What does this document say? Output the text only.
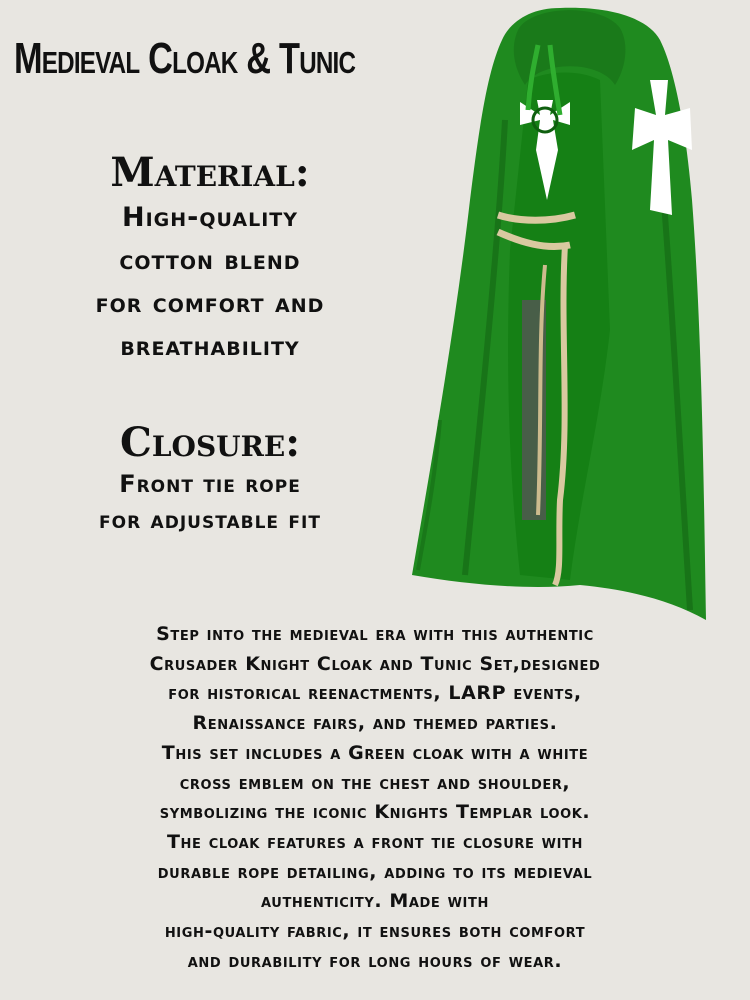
Medieval Cloak & Tunic
Material:
High-quality
cotton blend
for comfort and
breathability
Closure:
Front tie rope
for adjustable fit
Step into the medieval era with this authentic
Crusader Knight Cloak and Tunic Set,designed
for historical reenactments, LARP events,
Renaissance fairs, and themed parties.
This set includes a Green cloak with a white
cross emblem on the chest and shoulder,
symbolizing the iconic Knights Templar look.
The cloak features a front tie closure with
durable rope detailing, adding to its medieval
authenticity. Made with
high-quality fabric, it ensures both comfort
and durability for long hours of wear.
